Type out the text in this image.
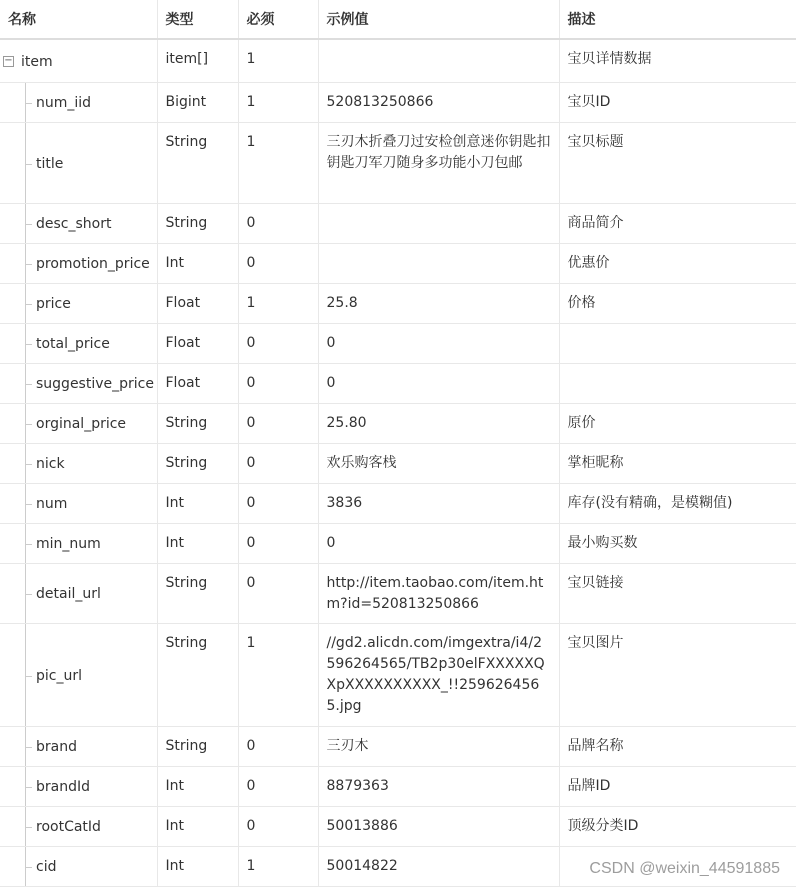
名称	类型	必须	示例值	描述

− item	item[]	1		宝贝详情数据

num_iid	Bigint	1	520813250866	宝贝ID

title	String	1	三刃木折叠刀过安检创意迷你钥匙扣钥匙刀军刀随身多功能小刀包邮	宝贝标题

desc_short	String	0		商品简介

promotion_price	Int	0		优惠价

price	Float	1	25.8	价格

total_price	Float	0	0	

suggestive_price	Float	0	0	

orginal_price	String	0	25.80	原价

nick	String	0	欢乐购客栈	掌柜昵称

num	Int	0	3836	库存(没有精确，是模糊值)

min_num	Int	0	0	最小购买数

detail_url	String	0	http://item.taobao.com/item.htm?id=520813250866	宝贝链接

pic_url	String	1	//gd2.alicdn.com/imgextra/i4/2596264565/TB2p30elFXXXXXQXpXXXXXXXXXX_!!2596264565.jpg	宝贝图片

brand	String	0	三刃木	品牌名称

brandId	Int	0	8879363	品牌ID

rootCatId	Int	0	50013886	顶级分类ID

cid	Int	1	50014822		CSDN @weixin_44591885
